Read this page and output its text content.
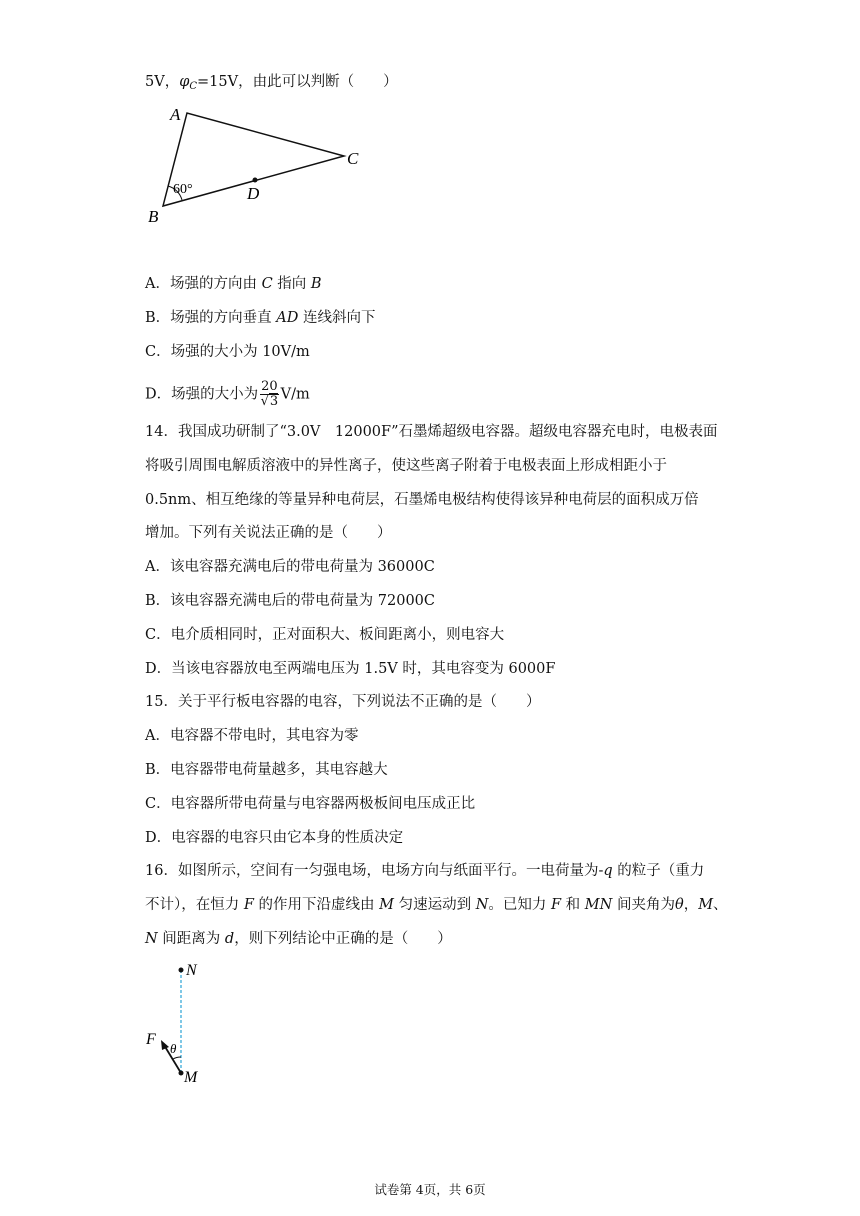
5V，$\varphi_C=15V$，由此可以判断（　　）
A
B
C
D
60°
A．场强的方向由 C 指向 B
B．场强的方向垂直 AD 连线斜向下
C．场强的大小为 10V/m
D．场强的大小为 $\frac{20}{√3} V/m$
14．我国成功研制了“3.0V　12000F”石墨烯超级电容器。超级电容器充电时，电极表面
将吸引周围电解质溶液中的异性离子，使这些离子附着于电极表面上形成相距小于
0.5nm、相互绝缘的等量异种电荷层，石墨烯电极结构使得该异种电荷层的面积成万倍
增加。下列有关说法正确的是（　　）
A．该电容器充满电后的带电荷量为 36000C
B．该电容器充满电后的带电荷量为 72000C
C．电介质相同时，正对面积大、板间距离小，则电容大
D．当该电容器放电至两端电压为 1.5V 时，其电容变为 6000F
15．关于平行板电容器的电容，下列说法不正确的是（　　）
A．电容器不带电时，其电容为零
B．电容器带电荷量越多，其电容越大
C．电容器所带电荷量与电容器两极板间电压成正比
D．电容器的电容只由它本身的性质决定
16．如图所示，空间有一匀强电场，电场方向与纸面平行。一电荷量为-q 的粒子（重力
不计），在恒力 F 的作用下沿虚线由 M 匀速运动到 N。已知力 F 和 MN 间夹角为θ，M、
N 间距离为 d，则下列结论中正确的是（　　）
N
M
F
θ
试卷第 4页，共 6页
